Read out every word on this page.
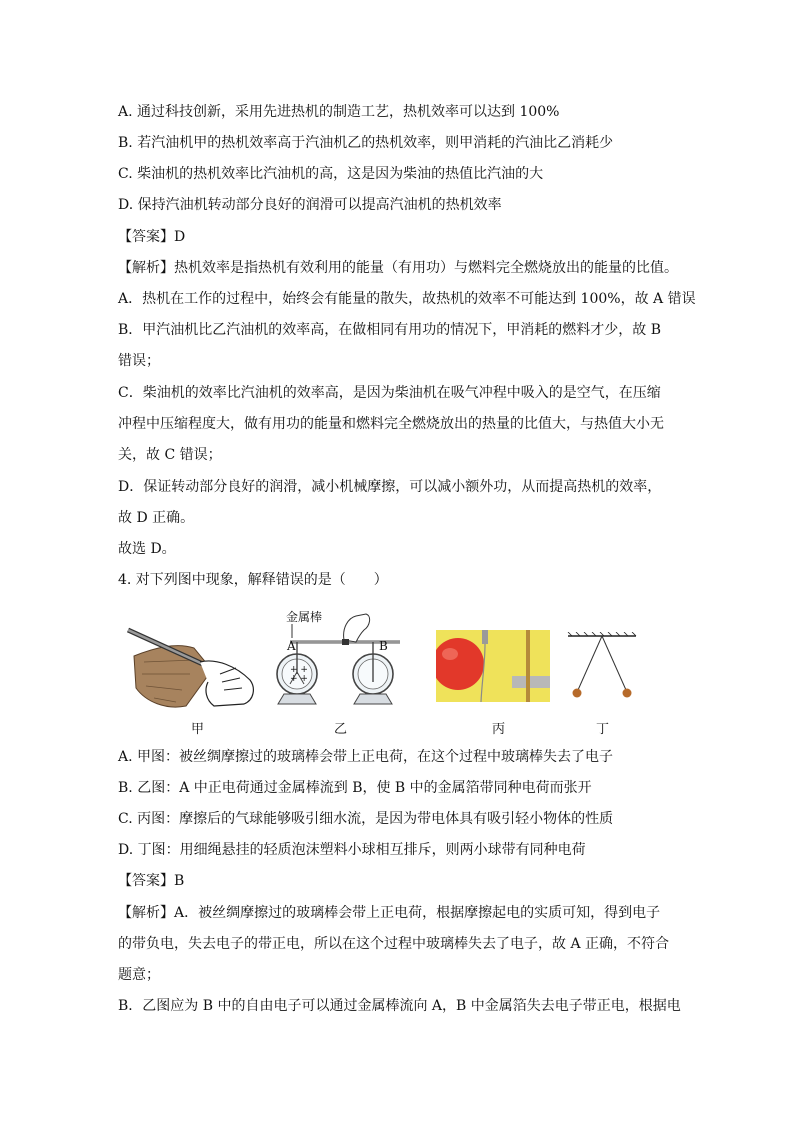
A. 通过科技创新，采用先进热机的制造工艺，热机效率可以达到 100%
B. 若汽油机甲的热机效率高于汽油机乙的热机效率，则甲消耗的汽油比乙消耗少
C. 柴油机的热机效率比汽油机的高，这是因为柴油的热值比汽油的大
D. 保持汽油机转动部分良好的润滑可以提高汽油机的热机效率
【答案】D
【解析】热机效率是指热机有效利用的能量（有用功）与燃料完全燃烧放出的能量的比值。
A．热机在工作的过程中，始终会有能量的散失，故热机的效率不可能达到 100%，故 A 错误
B．甲汽油机比乙汽油机的效率高，在做相同有用功的情况下，甲消耗的燃料才少，故 B
错误；
C．柴油机的效率比汽油机的效率高，是因为柴油机在吸气冲程中吸入的是空气，在压缩
冲程中压缩程度大，做有用功的能量和燃料完全燃烧放出的热量的比值大，与热值大小无
关，故 C 错误；
D．保证转动部分良好的润滑，减小机械摩擦，可以减小额外功，从而提高热机的效率，
故 D 正确。
故选 D。
4. 对下列图中现象，解释错误的是（　　）
金属棒
A	B
+ +
+ +
甲	乙	丙	丁
A. 甲图：被丝绸摩擦过的玻璃棒会带上正电荷，在这个过程中玻璃棒失去了电子
B. 乙图：A 中正电荷通过金属棒流到 B，使 B 中的金属箔带同种电荷而张开
C. 丙图：摩擦后的气球能够吸引细水流，是因为带电体具有吸引轻小物体的性质
D. 丁图：用细绳悬挂的轻质泡沫塑料小球相互排斥，则两小球带有同种电荷
【答案】B
【解析】A．被丝绸摩擦过的玻璃棒会带上正电荷，根据摩擦起电的实质可知，得到电子
的带负电，失去电子的带正电，所以在这个过程中玻璃棒失去了电子，故 A 正确，不符合
题意；
B．乙图应为 B 中的自由电子可以通过金属棒流向 A，B 中金属箔失去电子带正电，根据电
